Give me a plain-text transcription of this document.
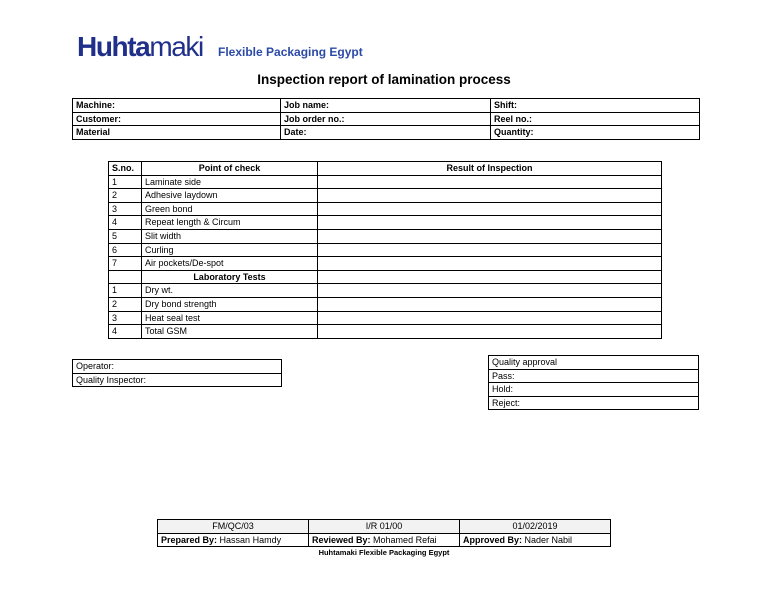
Huhtamaki Flexible Packaging Egypt
Inspection report of lamination process
Machine:	Job name:	Shift:
Customer:	Job order no.:	Reel no.:
Material	Date:	Quantity:
S.no.	Point of check	Result of Inspection
1	Laminate side	
2	Adhesive laydown	
3	Green bond	
4	Repeat length & Circum	
5	Slit width	
6	Curling	
7	Air pockets/De-spot	
	Laboratory Tests	
1	Dry wt.	
2	Dry bond strength	
3	Heat seal test	
4	Total GSM	
Operator:
Quality Inspector:
Quality approval
Pass:
Hold:
Reject:
FM/QC/03	I/R 01/00	01/02/2019
Prepared By: Hassan Hamdy	Reviewed By: Mohamed Refai	Approved By: Nader Nabil
Huhtamaki Flexible Packaging Egypt
